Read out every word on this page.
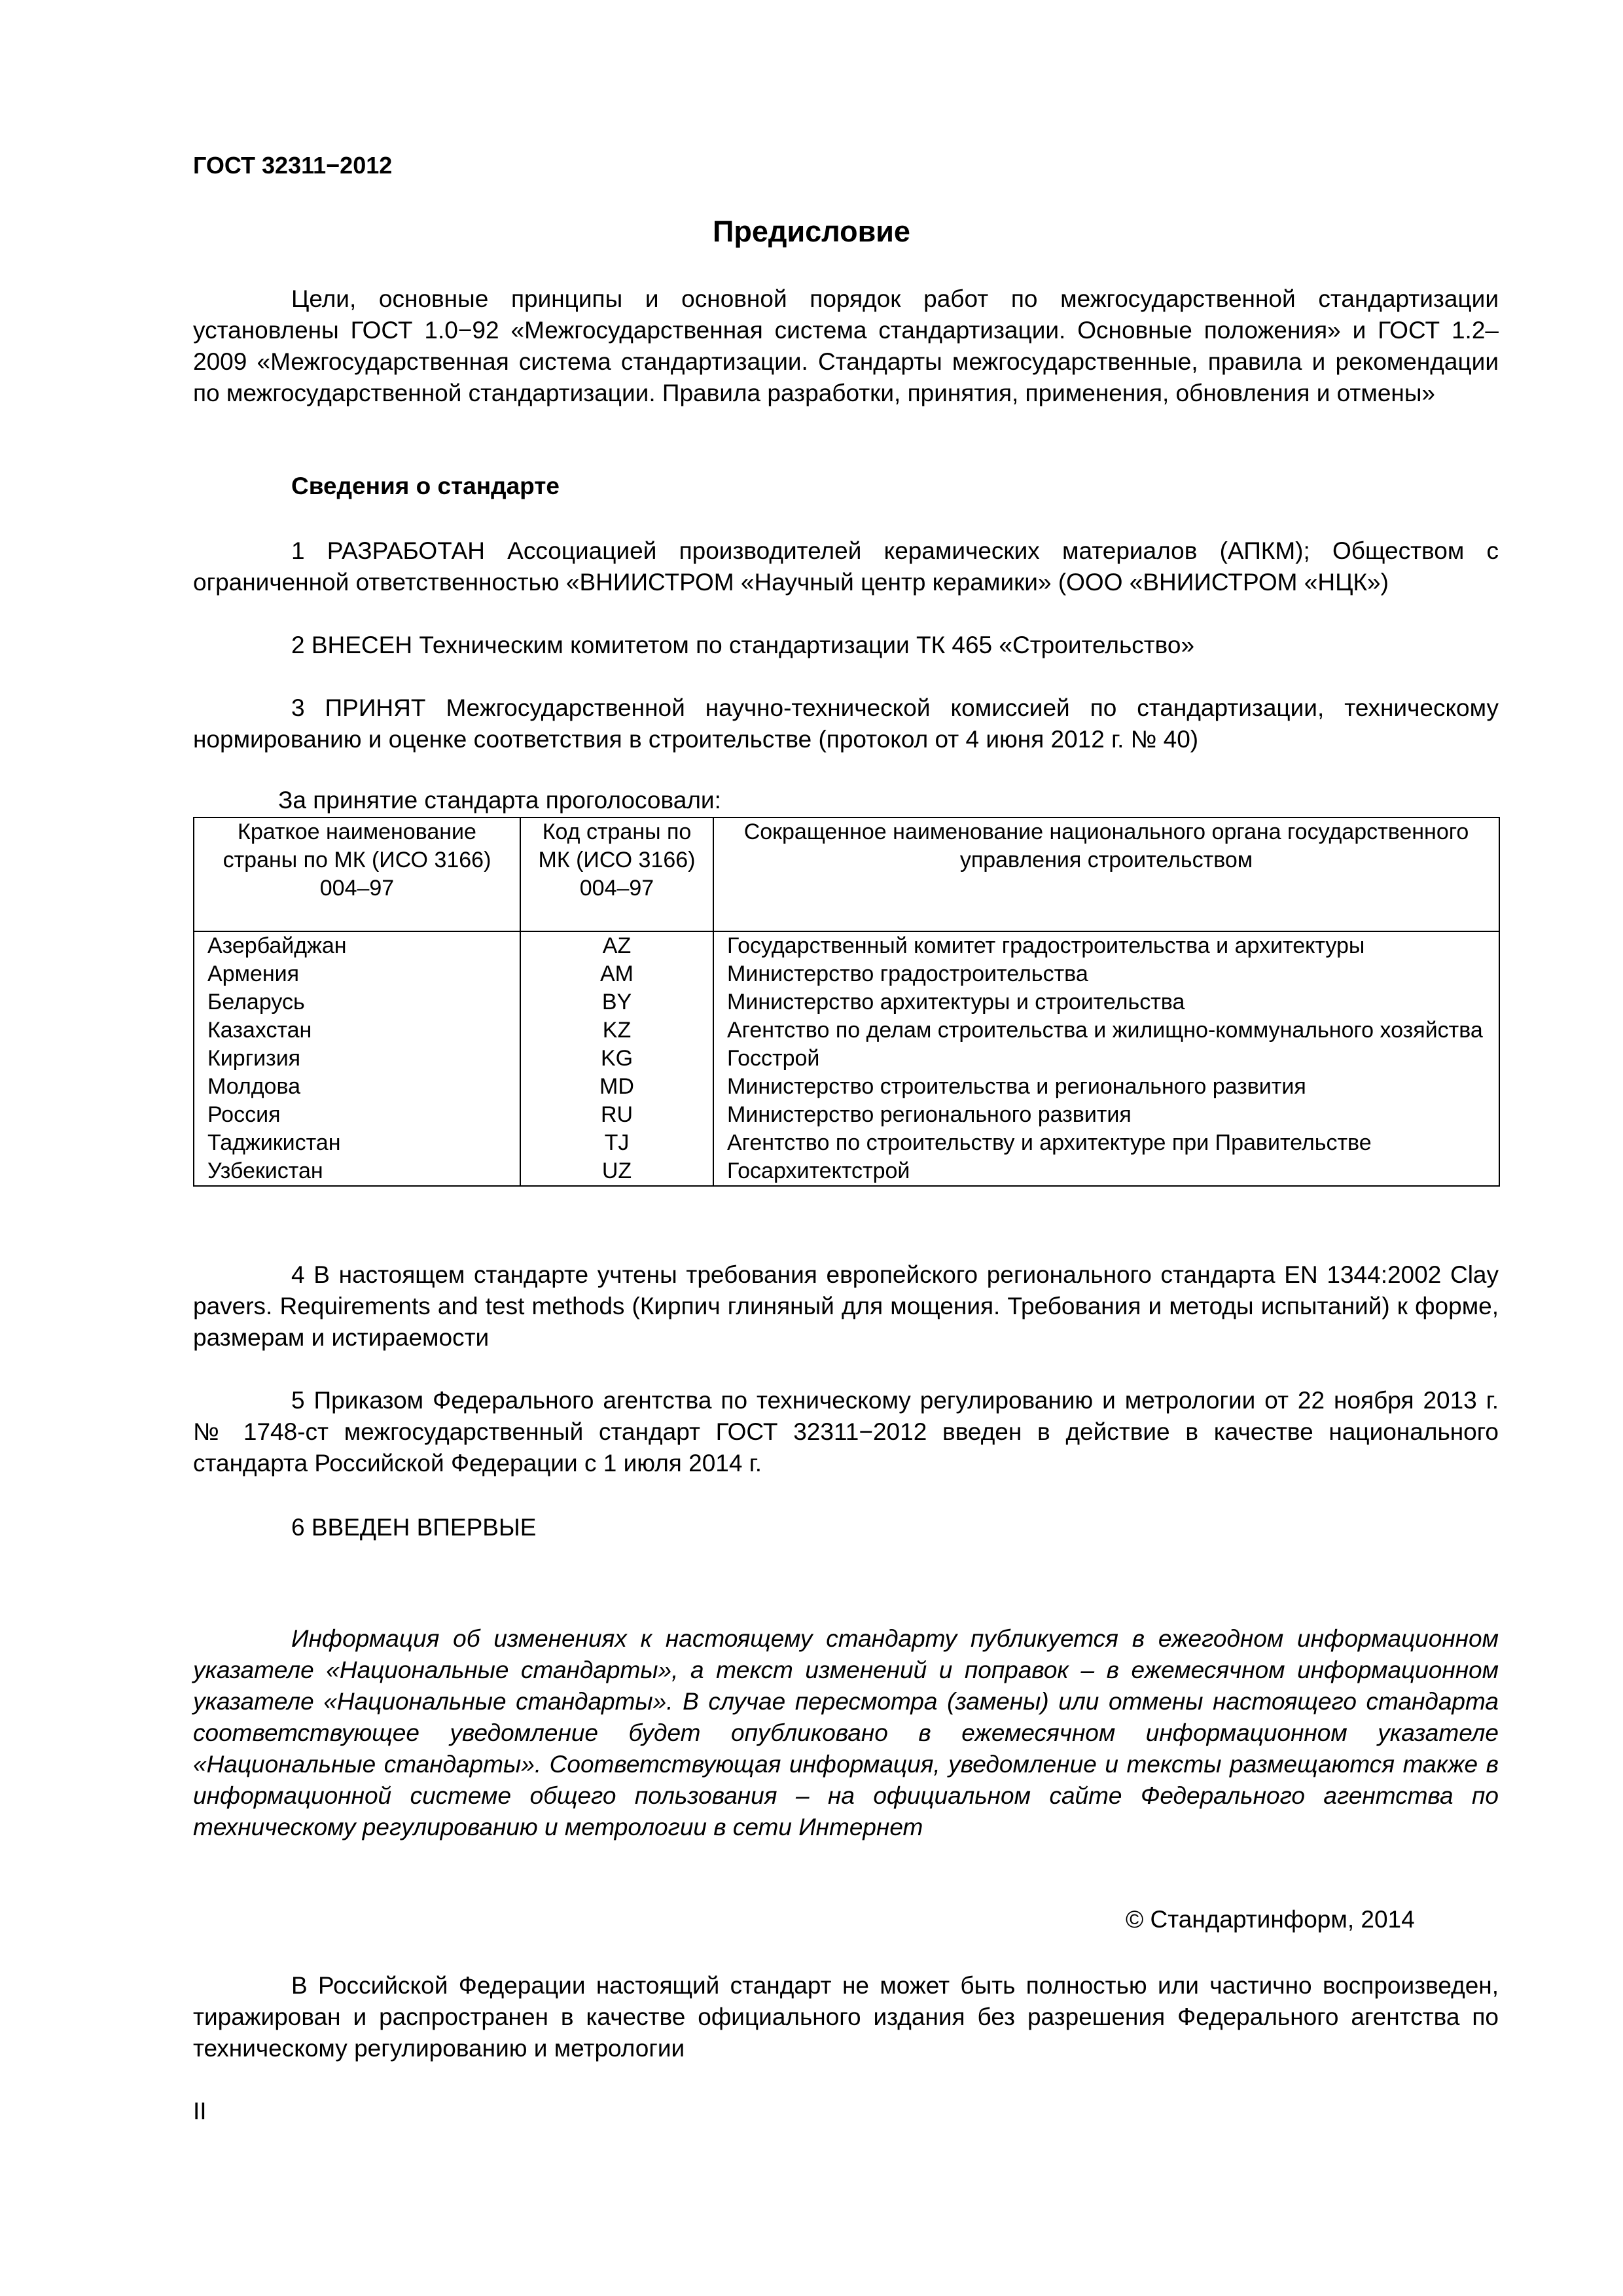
ГОСТ 32311−2012

Предисловие

Цели, основные принципы и основной порядок работ по межгосударственной стандартизации установлены ГОСТ 1.0−92 «Межгосударственная система стандартизации. Основные положения» и ГОСТ 1.2–2009 «Межгосударственная система стандартизации. Стандарты межгосударственные, правила и рекомендации по межгосударственной стандартизации. Правила разработки, принятия, применения, обновления и отмены»

Сведения о стандарте

1 РАЗРАБОТАН Ассоциацией производителей керамических материалов (АПКМ); Обществом с ограниченной ответственностью «ВНИИСТРОМ «Научный центр керамики» (ООО «ВНИИСТРОМ «НЦК»)

2 ВНЕСЕН Техническим комитетом по стандартизации ТК 465 «Строительство»

3 ПРИНЯТ Межгосударственной научно-технической комиссией по стандартизации, техническому нормированию и оценке соответствия в строительстве (протокол от 4 июня 2012 г. № 40)

За принятие стандарта проголосовали:

Краткое наименование страны по МК (ИСО 3166) 004–97	Код страны по МК (ИСО 3166) 004–97	Сокращенное наименование национального органа государственного управления строительством
Азербайджан	AZ	Государственный комитет градостроительства и архитектуры
Армения	AM	Министерство градостроительства
Беларусь	BY	Министерство архитектуры и строительства
Казахстан	KZ	Агентство по делам строительства и жилищно-коммунального хозяйства
Киргизия	KG	Госстрой
Молдова	MD	Министерство строительства и регионального развития
Россия	RU	Министерство регионального развития
Таджикистан	TJ	Агентство по строительству и архитектуре при Правительстве
Узбекистан	UZ	Госархитектстрой

4 В настоящем стандарте учтены требования европейского регионального стандарта EN 1344:2002 Clay pavers. Requirements and test methods (Кирпич глиняный для мощения. Требования и методы испытаний) к форме, размерам и истираемости

5 Приказом Федерального агентства по техническому регулированию и метрологии от 22 ноября 2013 г. № 1748-ст межгосударственный стандарт ГОСТ 32311−2012 введен в действие в качестве национального стандарта Российской Федерации с 1 июля 2014 г.

6 ВВЕДЕН ВПЕРВЫЕ

Информация об изменениях к настоящему стандарту публикуется в ежегодном информационном указателе «Национальные стандарты», а текст изменений и поправок – в ежемесячном информационном указателе «Национальные стандарты». В случае пересмотра (замены) или отмены настоящего стандарта соответствующее уведомление будет опубликовано в ежемесячном информационном указателе «Национальные стандарты». Соответствующая информация, уведомление и тексты размещаются также в информационной системе общего пользования – на официальном сайте Федерального агентства по техническому регулированию и метрологии в сети Интернет

© Стандартинформ, 2014

В Российской Федерации настоящий стандарт не может быть полностью или частично воспроизведен, тиражирован и распространен в качестве официального издания без разрешения Федерального агентства по техническому регулированию и метрологии

II
